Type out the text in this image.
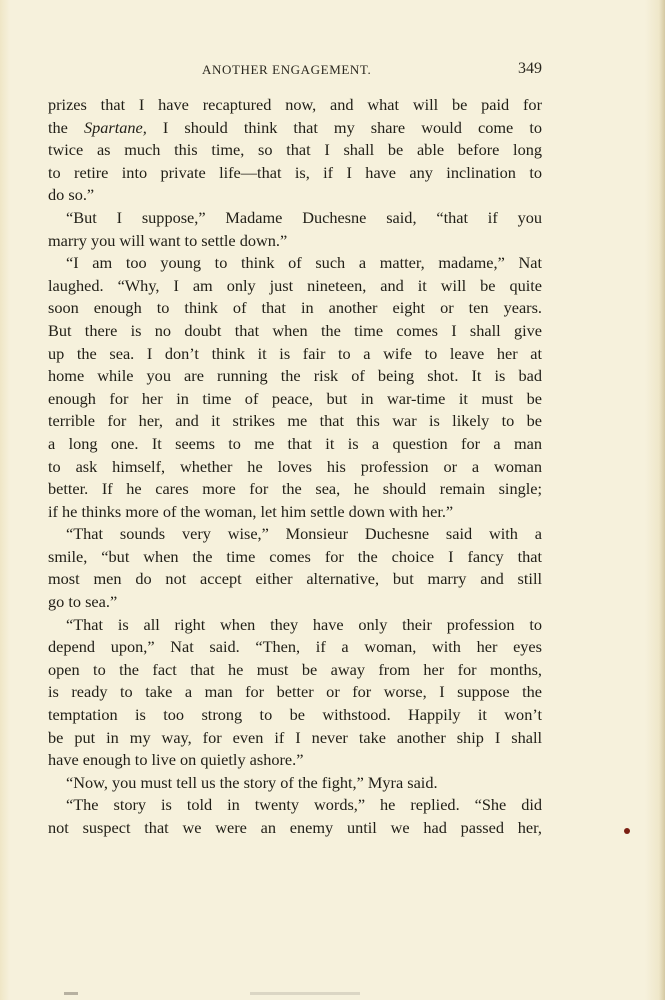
ANOTHER ENGAGEMENT.	349
prizes that I have recaptured now, and what will be paid for
the Spartane, I should think that my share would come to
twice as much this time, so that I shall be able before long
to retire into private life—that is, if I have any inclination to
do so.”
“But I suppose,” Madame Duchesne said, “that if you
marry you will want to settle down.”
“I am too young to think of such a matter, madame,” Nat
laughed. “Why, I am only just nineteen, and it will be quite
soon enough to think of that in another eight or ten years.
But there is no doubt that when the time comes I shall give
up the sea. I don’t think it is fair to a wife to leave her at
home while you are running the risk of being shot. It is bad
enough for her in time of peace, but in war-time it must be
terrible for her, and it strikes me that this war is likely to be
a long one. It seems to me that it is a question for a man
to ask himself, whether he loves his profession or a woman
better. If he cares more for the sea, he should remain single;
if he thinks more of the woman, let him settle down with her.”
“That sounds very wise,” Monsieur Duchesne said with a
smile, “but when the time comes for the choice I fancy that
most men do not accept either alternative, but marry and still
go to sea.”
“That is all right when they have only their profession to
depend upon,” Nat said. “Then, if a woman, with her eyes
open to the fact that he must be away from her for months,
is ready to take a man for better or for worse, I suppose the
temptation is too strong to be withstood. Happily it won’t
be put in my way, for even if I never take another ship I shall
have enough to live on quietly ashore.”
“Now, you must tell us the story of the fight,” Myra said.
“The story is told in twenty words,” he replied. “She did
not suspect that we were an enemy until we had passed her,
